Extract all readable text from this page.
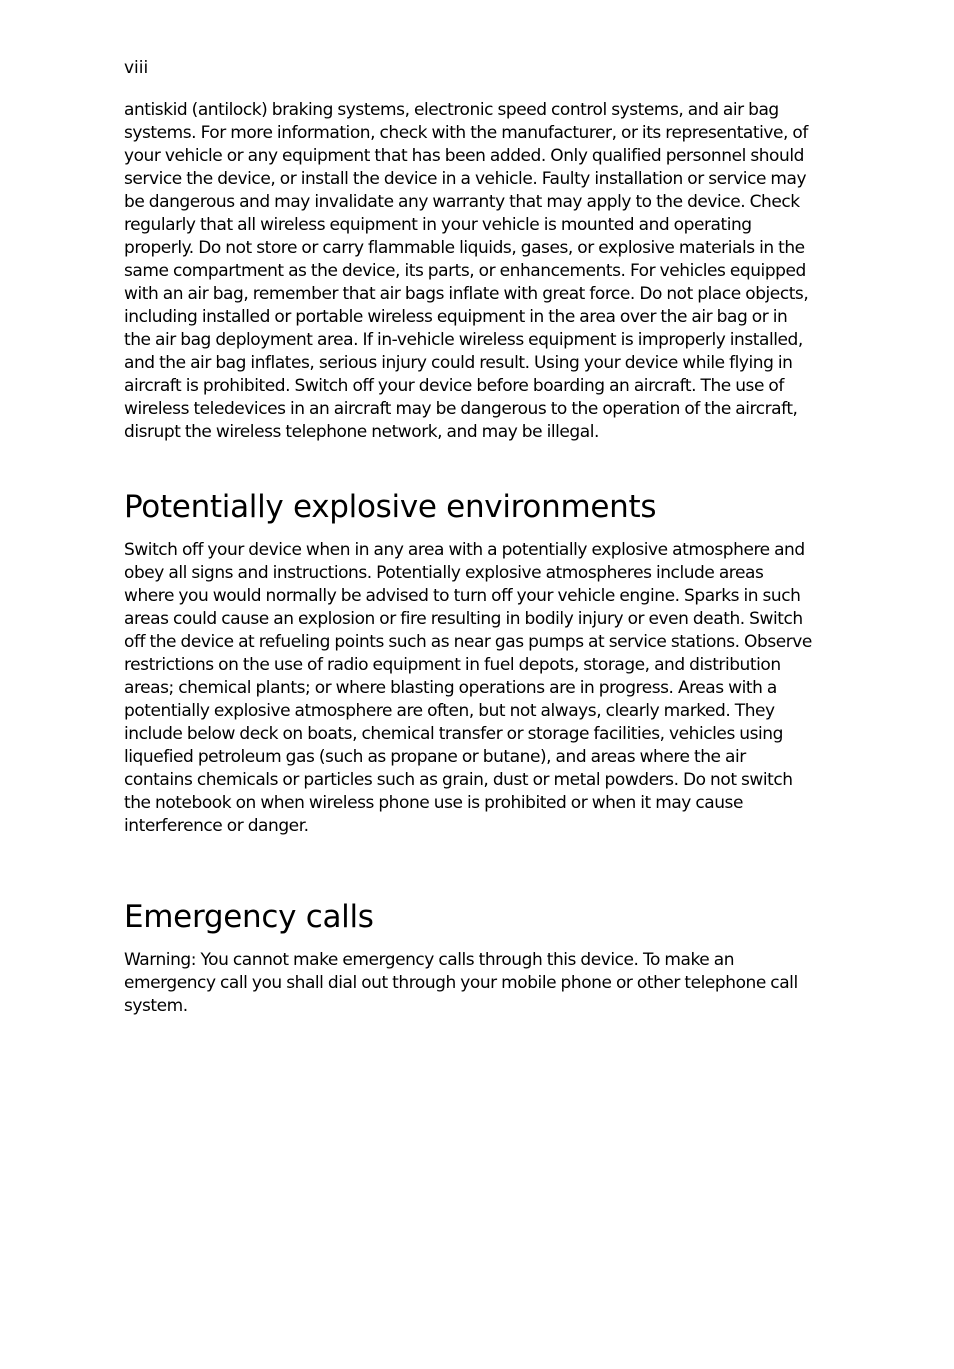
viii

antiskid (antilock) braking systems, electronic speed control systems, and air bag systems. For more information, check with the manufacturer, or its representative, of your vehicle or any equipment that has been added. Only qualified personnel should service the device, or install the device in a vehicle. Faulty installation or service may be dangerous and may invalidate any warranty that may apply to the device. Check regularly that all wireless equipment in your vehicle is mounted and operating properly. Do not store or carry flammable liquids, gases, or explosive materials in the same compartment as the device, its parts, or enhancements. For vehicles equipped with an air bag, remember that air bags inflate with great force. Do not place objects, including installed or portable wireless equipment in the area over the air bag or in the air bag deployment area. If in-vehicle wireless equipment is improperly installed, and the air bag inflates, serious injury could result. Using your device while flying in aircraft is prohibited. Switch off your device before boarding an aircraft. The use of wireless teledevices in an aircraft may be dangerous to the operation of the aircraft, disrupt the wireless telephone network, and may be illegal.

Potentially explosive environments

Switch off your device when in any area with a potentially explosive atmosphere and obey all signs and instructions. Potentially explosive atmospheres include areas where you would normally be advised to turn off your vehicle engine. Sparks in such areas could cause an explosion or fire resulting in bodily injury or even death. Switch off the device at refueling points such as near gas pumps at service stations. Observe restrictions on the use of radio equipment in fuel depots, storage, and distribution areas; chemical plants; or where blasting operations are in progress. Areas with a potentially explosive atmosphere are often, but not always, clearly marked. They include below deck on boats, chemical transfer or storage facilities, vehicles using liquefied petroleum gas (such as propane or butane), and areas where the air contains chemicals or particles such as grain, dust or metal powders. Do not switch the notebook on when wireless phone use is prohibited or when it may cause interference or danger.

Emergency calls

Warning: You cannot make emergency calls through this device. To make an emergency call you shall dial out through your mobile phone or other telephone call system.
